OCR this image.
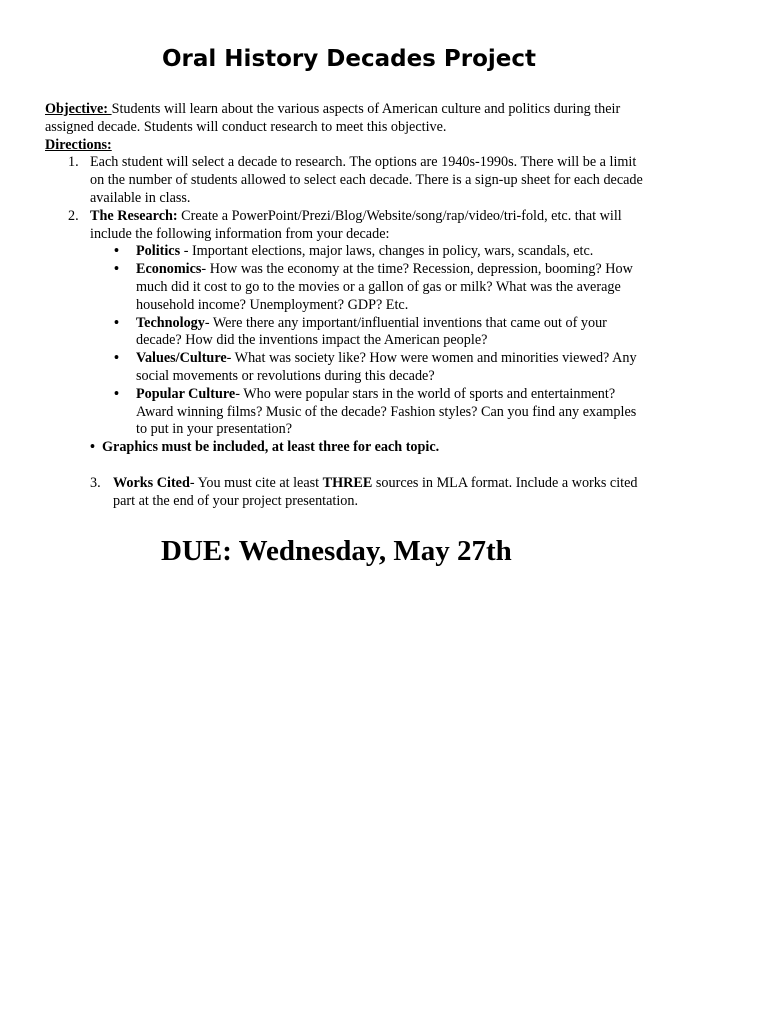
Oral History Decades Project

Objective: Students will learn about the various aspects of American culture and politics during their assigned decade. Students will conduct research to meet this objective.

Directions:

1. Each student will select a decade to research. The options are 1940s-1990s. There will be a limit on the number of students allowed to select each decade. There is a sign-up sheet for each decade available in class.
2. The Research: Create a PowerPoint/Prezi/Blog/Website/song/rap/video/tri-fold, etc. that will include the following information from your decade:
• Politics - Important elections, major laws, changes in policy, wars, scandals, etc.
• Economics- How was the economy at the time? Recession, depression, booming? How much did it cost to go to the movies or a gallon of gas or milk? What was the average household income? Unemployment? GDP? Etc.
• Technology- Were there any important/influential inventions that came out of your decade? How did the inventions impact the American people?
• Values/Culture- What was society like? How were women and minorities viewed? Any social movements or revolutions during this decade?
• Popular Culture- Who were popular stars in the world of sports and entertainment? Award winning films? Music of the decade? Fashion styles? Can you find any examples to put in your presentation?
• Graphics must be included, at least three for each topic.
3. Works Cited- You must cite at least THREE sources in MLA format. Include a works cited part at the end of your project presentation.
DUE: Wednesday, May 27th
